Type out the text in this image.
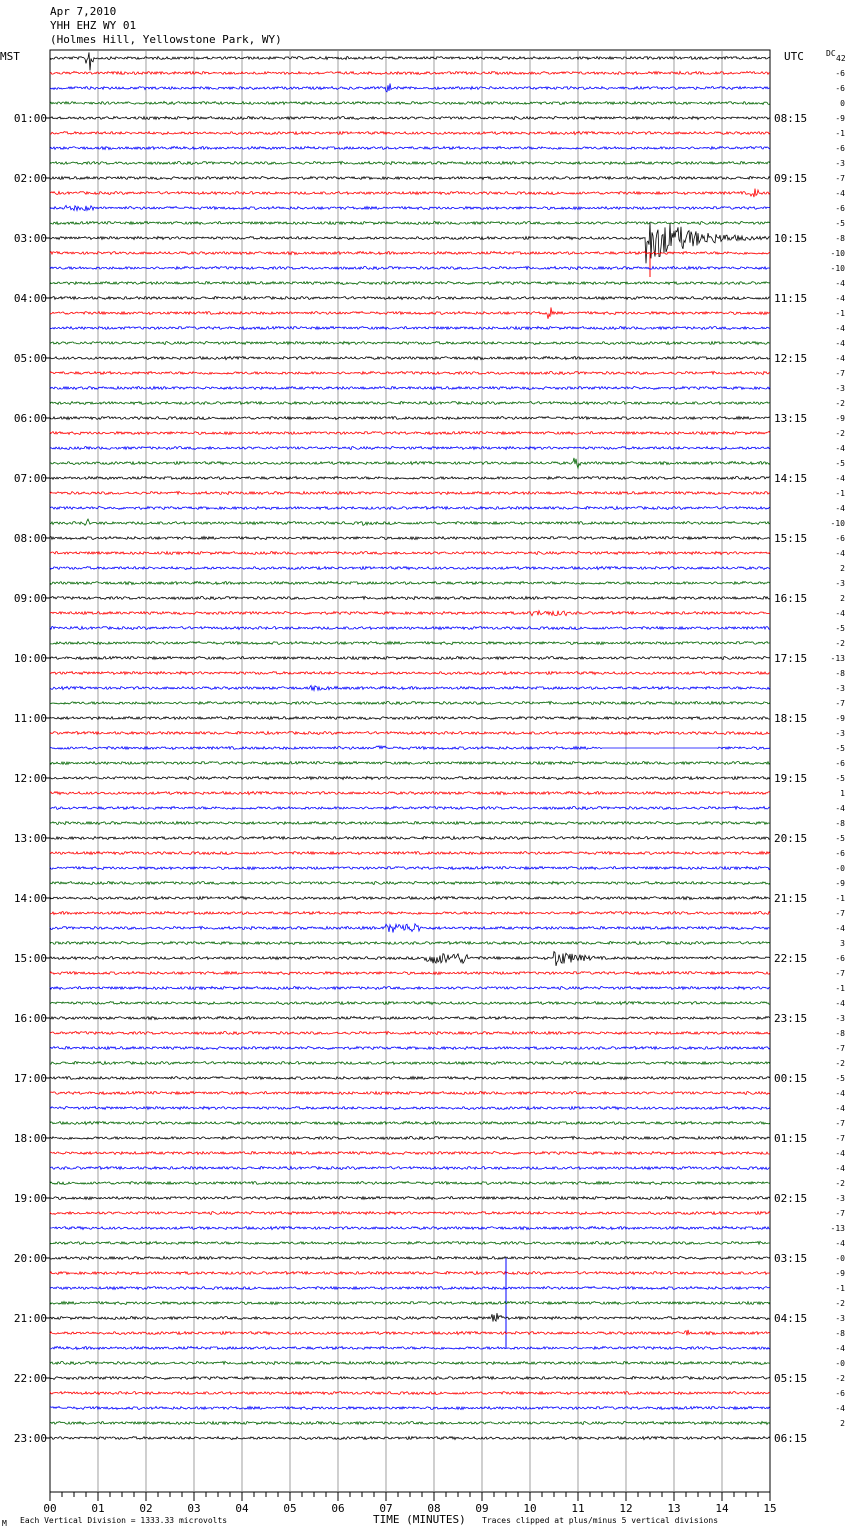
Apr 7,2010
YHH EHZ WY 01
(Holmes Hill, Yellowstone Park, WY)
MST	UTC	DC
42
00	01	02	03	04	05	06	07	08	09	10	11	12	13	14	15
-6
-6
0
-9
-1
-6
-3
-7
-4
-6
-5
-8
-10
-10
-4
-4
-1
-4
-4
-4
-7
-3
-2
-9
-2
-4
-5
-4
-1
-4
-10
-6
-4
2
-3
2
-4
-5
-2
-13
-8
-3
-7
-9
-3
-5
-6
-5
1
-4
-8
-5
-6
-0
-9
-1
-7
-4
3
-6
-7
-1
-4
-3
-8
-7
-2
-5
-4
-4
-7
-7
-4
-4
-2
-3
-7
-13
-4
-0
-9
-1
-2
-3
-8
-4
-0
-2
-6
-4
2
01:00
02:00
03:00
04:00
05:00
06:00
07:00
08:00
09:00
10:00
11:00
12:00
13:00
14:00
15:00
16:00
17:00
18:00
19:00
20:00
21:00
22:00
23:00
08:15
09:15
10:15
11:15
12:15
13:15
14:15
15:15
16:15
17:15
18:15
19:15
20:15
21:15
22:15
23:15
00:15
01:15
02:15
03:15
04:15
05:15
06:15
M Each Vertical Division = 1333.33 microvolts	TIME (MINUTES) Traces clipped at plus/minus 5 vertical divisions
